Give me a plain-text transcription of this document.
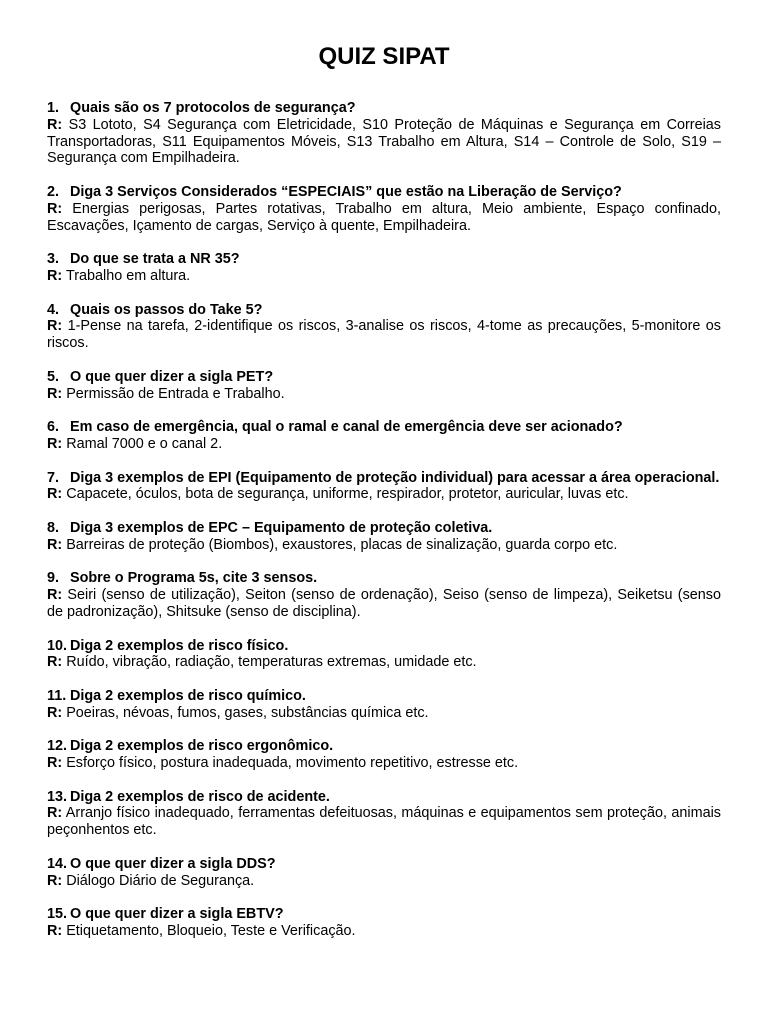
QUIZ SIPAT
1. Quais são os 7 protocolos de segurança?
R: S3 Lototo, S4 Segurança com Eletricidade, S10 Proteção de Máquinas e Segurança em Correias Transportadoras, S11 Equipamentos Móveis, S13 Trabalho em Altura, S14 – Controle de Solo, S19 – Segurança com Empilhadeira.
2. Diga 3 Serviços Considerados “ESPECIAIS” que estão na Liberação de Serviço?
R: Energias perigosas, Partes rotativas, Trabalho em altura, Meio ambiente, Espaço confinado, Escavações, Içamento de cargas, Serviço à quente, Empilhadeira.
3. Do que se trata a NR 35?
R: Trabalho em altura.
4. Quais os passos do Take 5?
R: 1-Pense na tarefa, 2-identifique os riscos, 3-analise os riscos, 4-tome as precauções, 5-monitore os riscos.
5. O que quer dizer a sigla PET?
R: Permissão de Entrada e Trabalho.
6. Em caso de emergência, qual o ramal e canal de emergência deve ser acionado?
R: Ramal 7000 e o canal 2.
7. Diga 3 exemplos de EPI (Equipamento de proteção individual) para acessar a área operacional.
R: Capacete, óculos, bota de segurança, uniforme, respirador, protetor, auricular, luvas etc.
8. Diga 3 exemplos de EPC – Equipamento de proteção coletiva.
R: Barreiras de proteção (Biombos), exaustores, placas de sinalização, guarda corpo etc.
9. Sobre o Programa 5s, cite 3 sensos.
R: Seiri (senso de utilização), Seiton (senso de ordenação), Seiso (senso de limpeza), Seiketsu (senso de padronização), Shitsuke (senso de disciplina).
10. Diga 2 exemplos de risco físico.
R: Ruído, vibração, radiação, temperaturas extremas, umidade etc.
11. Diga 2 exemplos de risco químico.
R: Poeiras, névoas, fumos, gases, substâncias química etc.
12. Diga 2 exemplos de risco ergonômico.
R: Esforço físico, postura inadequada, movimento repetitivo, estresse etc.
13. Diga 2 exemplos de risco de acidente.
R: Arranjo físico inadequado, ferramentas defeituosas, máquinas e equipamentos sem proteção, animais peçonhentos etc.
14. O que quer dizer a sigla DDS?
R: Diálogo Diário de Segurança.
15. O que quer dizer a sigla EBTV?
R: Etiquetamento, Bloqueio, Teste e Verificação.
